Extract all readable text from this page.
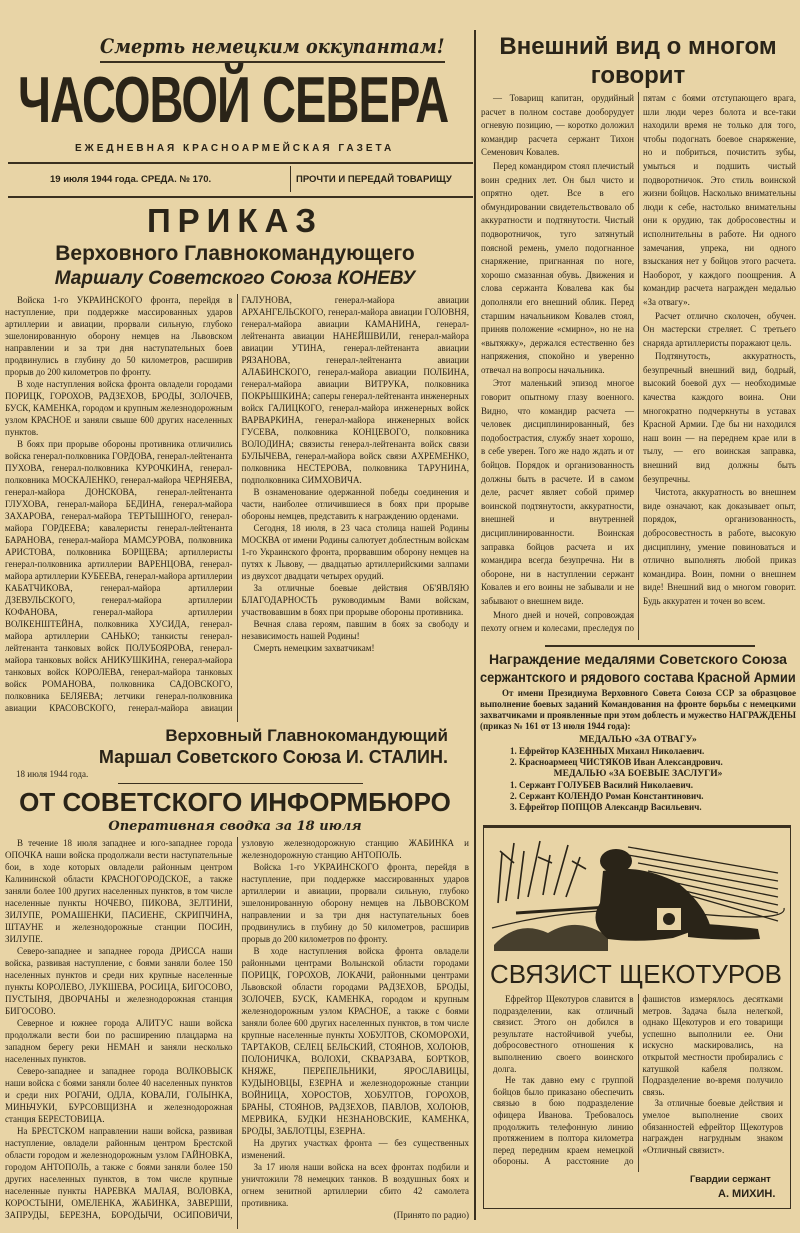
Смерть немецким оккупантам!
ЧАСОВОЙ СЕВЕРА
ЕЖЕДНЕВНАЯ КРАСНОАРМЕЙСКАЯ ГАЗЕТА
19 июля 1944 года. СРЕДА. № 170.	ПРОЧТИ И ПЕРЕДАЙ ТОВАРИЩУ
ПРИКАЗ
Верховного Главнокомандующего
Маршалу Советского Союза КОНЕВУ

Войска 1-го УКРАИНСКОГО фронта, перейдя в наступление, при поддержке массированных ударов артиллерии и авиации, прорвали сильную, глубоко эшелонированную оборону немцев на Львовском направлении и за три дня наступательных боев продвинулись в глубину до 50 километров, расширив прорыв до 200 километров по фронту.

В ходе наступления войска фронта овладели городами ПОРИЦК, ГОРОХОВ, РАДЗЕХОВ, БРОДЫ, ЗОЛОЧЕВ, БУСК, КАМЕНКА, городом и крупным железнодорожным узлом КРАСНОЕ и заняли свыше 600 других населенных пунктов.

В боях при прорыве обороны противника отличились войска генерал-полковника ГОРДОВА, генерал-лейтенанта ПУХОВА, генерал-полковника КУРОЧКИНА, генерал-полковника МОСКАЛЕНКО, генерал-майора ЧЕРНЯЕВА, генерал-майора ДОНСКОВА, генерал-лейтенанта ГЛУХОВА, генерал-майора БЕДИНА, генерал-майора ЗАХАРОВА, генерал-майора ТЕРТЫШНОГО, генерал-майора ГОРДЕЕВА; кавалеристы генерал-лейтенанта БАРАНОВА, генерал-майора МАМСУРОВА, полковника АРИСТОВА, полковника БОРЩЕВА; артиллеристы генерал-полковника артиллерии ВАРЕНЦОВА, генерал-майора артиллерии КУБЕЕВА, генерал-майора артиллерии КАБАТЧИКОВА, генерал-майора артиллерии ДЗЕВУЛЬСКОГО, генерал-майора артиллерии КОФАНОВА, генерал-майора артиллерии ВОЛКЕНШТЕЙНА, полковника ХУСИДА, генерал-майора артиллерии САНЬКО; танкисты генерал-лейтенанта танковых войск ПОЛУБОЯРОВА, генерал-майора танковых войск АНИКУШКИНА, генерал-майора танковых войск КОРОЛЕВА, генерал-майора танковых войск РОМАНОВА, полковника САДОВСКОГО, полковника БЕЛЯЕВА; летчики генерал-полковника авиации КРАСОВСКОГО, генерал-майора авиации ГАЛУНОВА, генерал-майора авиации АРХАНГЕЛЬСКОГО, генерал-майора авиации ГОЛОВНЯ, генерал-майора авиации КАМАНИНА, генерал-лейтенанта авиации НАНЕЙШВИЛИ, генерал-майора авиации УТИНА, генерал-лейтенанта авиации РЯЗАНОВА, генерал-лейтенанта авиации АЛАБИНСКОГО, генерал-майора авиации ПОЛБИНА, генерал-майора авиации ВИТРУКА, полковника ПОКРЫШКИНА; саперы генерал-лейтенанта инженерных войск ГАЛИЦКОГО, генерал-майора инженерных войск ВАРВАРКИНА, генерал-майора инженерных войск ГУСЕВА, полковника КОНЦЕВОГО, полковника ВОЛОДИНА; связисты генерал-лейтенанта войск связи БУЛЫЧЕВА, генерал-майора войск связи АХРЕМЕНКО, полковника НЕСТЕРОВА, полковника ТАРУНИНА, подполковника СИМХОВИЧА.

В ознаменование одержанной победы соединения и части, наиболее отличившиеся в боях при прорыве обороны немцев, представить к награждению орденами.

Сегодня, 18 июля, в 23 часа столица нашей Родины МОСКВА от имени Родины салютует доблестным войскам 1-го Украинского фронта, прорвавшим оборону немцев на путях к Львову, — двадцатью артиллерийскими залпами из двухсот двадцати четырех орудий.

За отличные боевые действия ОБ'ЯВЛЯЮ БЛАГОДАРНОСТЬ руководимым Вами войскам, участвовавшим в боях при прорыве обороны противника.

Вечная слава героям, павшим в боях за свободу и независимость нашей Родины!

Смерть немецким захватчикам!

Верховный Главнокомандующий
Маршал Советского Союза И. СТАЛИН.
18 июля 1944 года.
ОТ СОВЕТСКОГО ИНФОРМБЮРО
Оперативная сводка за 18 июля

В течение 18 июля западнее и юго-западнее города ОПОЧКА наши войска продолжали вести наступательные бои, в ходе которых овладели районным центром Калининской области КРАСНОГОРОДСКОЕ, а также заняли более 100 других населенных пунктов, в том числе населенные пункты НОЧЕВО, ПИКОВА, ЗЕЛТИНИ, ЗИЛУПЕ, РОМАШЕНКИ, ПАСИЕНЕ, СКРИПЧИНА, ШТАУНЕ и железнодорожные станции ПОСИН, ЗИЛУПЕ.

Северо-западнее и западнее города ДРИССА наши войска, развивая наступление, с боями заняли более 150 населенных пунктов и среди них крупные населенные пункты КОРОЛЕВО, ЛУКШЕВА, РОСИЦА, БИГОСОВО, ПУСТЫНЯ, ДВОРЧАНЫ и железнодорожная станция БИГОСОВО.

Северное и южнее города АЛИТУС наши войска продолжали вести бои по расширению плацдарма на западном берегу реки НЕМАН и заняли несколько населенных пунктов.

Северо-западнее и западнее города ВОЛКОВЫСК наши войска с боями заняли более 40 населенных пунктов и среди них РОГАЧИ, ОДЛА, КОВАЛИ, ГОЛЫНКА, МИНЬЧУКИ, БУРСОВЩИЗНА и железнодорожная станция БЕРЕСТОВИЦА.

На БРЕСТСКОМ направлении наши войска, развивая наступление, овладели районным центром Брестской области городом и железнодорожным узлом ГАЙНОВКА, городом АНТОПОЛЬ, а также с боями заняли более 150 других населенных пунктов, в том числе крупные населенные пункты НАРЕВКА МАЛАЯ, ВОЛОВКА, КОРОСТЫНИ, ОМЕЛЕНКА, ЖАБИНКА, ЗАВЕРШИ, ЗАПРУДЫ, БЕРЕЗНА, БОРОДЫЧИ, ОСИПОВИЧИ, узловую железнодорожную станцию ЖАБИНКА и железнодорожную станцию АНТОПОЛЬ.

Войска 1-го УКРАИНСКОГО фронта, перейдя в наступление, при поддержке массированных ударов артиллерии и авиации, прорвали сильную, глубоко эшелонированную оборону немцев на ЛЬВОВСКОМ направлении и за три дня наступательных боев продвинулись в глубину до 50 километров, расширив прорыв до 200 километров по фронту.

В ходе наступления войска фронта овладели районными центрами Волынской области городами ПОРИЦК, ГОРОХОВ, ЛОКАЧИ, районными центрами Львовской области городами РАДЗЕХОВ, БРОДЫ, ЗОЛОЧЕВ, БУСК, КАМЕНКА, городом и крупным железнодорожным узлом КРАСНОЕ, а также с боями заняли более 600 других населенных пунктов, в том числе крупные населенные пункты ХОБУЛТОВ, СКОМОРОХИ, ТАРТАКОВ, СЕЛЕЦ БЕЛЬСКИЙ, СТОЯНОВ, ХОЛОЮВ, ПОЛОНИЧКА, ВОЛОХИ, СКВАРЗАВА, БОРТКОВ, КНЯЖЕ, ПЕРЕПЕЛЬНИКИ, ЯРОСЛАВИЦЫ, КУДЫНОВЦЫ, ЕЗЕРНА и железнодорожные станции ВОЙНИЦА, ХОРОСТОВ, ХОБУЛТОВ, ГОРОХОВ, БРАНЫ, СТОЯНОВ, РАДЗЕХОВ, ПАВЛОВ, ХОЛОЮВ, МЕРВИКА, БУДКИ НЕЗНАНОВСКИЕ, КАМЕНКА, БРОДЫ, ЗАБЛОТЦЫ, ЕЗЕРНА.

На других участках фронта — без существенных изменений.

За 17 июля наши войска на всех фронтах подбили и уничтожили 78 немецких танков. В воздушных боях и огнем зенитной артиллерии сбито 42 самолета противника.

(Принято по радио)

Внешний вид о многом
говорит

— Товарищ капитан, орудийный расчет в полном составе дооборудует огневую позицию, — коротко доложил командир расчета сержант Тихон Семенович Ковалев.

Перед командиром стоял плечистый воин средних лет. Он был чисто и опрятно одет. Все в его обмундировании свидетельствовало об аккуратности и подтянутости. Чистый подворотничок, туго затянутый поясной ремень, умело подогнанное снаряжение, пригнанная по ноге, хорошо смазанная обувь. Движения и слова сержанта Ковалева как бы дополняли его внешний облик. Перед старшим начальником Ковалев стоял, приняв положение «смирно», но не на «вытяжку», держался естественно без напряжения, спокойно и уверенно отвечал на вопросы начальника.

Этот маленький эпизод многое говорит опытному глазу военного. Видно, что командир расчета — человек дисциплинированный, без подобострастия, службу знает хорошо, в себе уверен. Того же надо ждать и от бойцов. Порядок и организованность должны быть в расчете. И в самом деле, расчет являет собой пример воинской подтянутости, аккуратности, внешней и внутренней дисциплинированности. Воинская заправка бойцов расчета и их командира всегда безупречна. Ни в обороне, ни в наступлении сержант Ковалев и его воины не забывали и не забывают о внешнем виде.

Много дней и ночей, сопровождая пехоту огнем и колесами, преследуя по пятам с боями отступающего врага, шли люди через болота и все-таки находили время не только для того, чтобы подогнать боевое снаряжение, но и побриться, почистить зубы, умыться и подшить чистый подворотничок. Это стиль воинской жизни бойцов. Насколько внимательны люди к себе, настолько внимательны они к орудию, так добросовестны и исполнительны в работе. Ни одного замечания, упрека, ни одного взыскания нет у бойцов этого расчета. Наоборот, у каждого поощрения. А командир расчета награжден медалью «За отвагу».

Расчет отлично сколочен, обучен. Он мастерски стреляет. С третьего снаряда артиллеристы поражают цель.

Подтянутость, аккуратность, безупречный внешний вид, бодрый, высокий боевой дух — необходимые качества каждого воина. Они многократно подчеркнуты в уставах Красной Армии. Где бы ни находился наш воин — на переднем крае или в тылу, — его воинская заправка, внешний вид должны быть безупречны.

Чистота, аккуратность во внешнем виде означают, как доказывает опыт, порядок, организованность, добросовестность в работе, высокую дисциплину, умение повиноваться и отлично выполнять любой приказ командира. Воин, помни о внешнем виде! Внешний вид о многом говорит. Будь аккуратен и точен во всем.

Награждение медалями Советского Союза
сержантского и рядового состава Красной Армии
От имени Президиума Верховного Совета Союза ССР за образцовое выполнение боевых заданий Командования на фронте борьбы с немецкими захватчиками и проявленные при этом доблесть и мужество НАГРАЖДЕНЫ (приказ № 161 от 13 июля 1944 года):
МЕДАЛЬЮ «ЗА ОТВАГУ»
1. Ефрейтор КАЗЕННЫХ Михаил Николаевич.
2. Красноармеец ЧИСТЯКОВ Иван Александрович.
МЕДАЛЬЮ «ЗА БОЕВЫЕ ЗАСЛУГИ»
1. Сержант ГОЛУБЕВ Василий Николаевич.
2. Сержант КОЛЕНДО Роман Константинович.
3. Ефрейтор ПОПЦОВ Александр Васильевич.
СВЯЗИСТ ЩЕКОТУРОВ

Ефрейтор Щекотуров славится в подразделении, как отличный связист. Этого он добился в результате настойчивой учебы, добросовестного отношения к выполнению своего воинского долга.

Не так давно ему с группой бойцов было приказано обеспечить связью в бою подразделение офицера Иванова. Требовалось продолжить телефонную линию протяжением в полтора километра перед передним краем немецкой обороны. А расстояние до фашистов измерялось десятками метров. Задача была нелегкой, однако Щекотуров и его товарищи успешно выполнили ее. Они искусно маскировались, на открытой местности пробирались с катушкой кабеля ползком. Подразделение во-время получило связь.

За отличные боевые действия и умелое выполнение своих обязанностей ефрейтор Щекотуров награжден нагрудным знаком «Отличный связист».

Гвардии сержант
А. МИХИН.
